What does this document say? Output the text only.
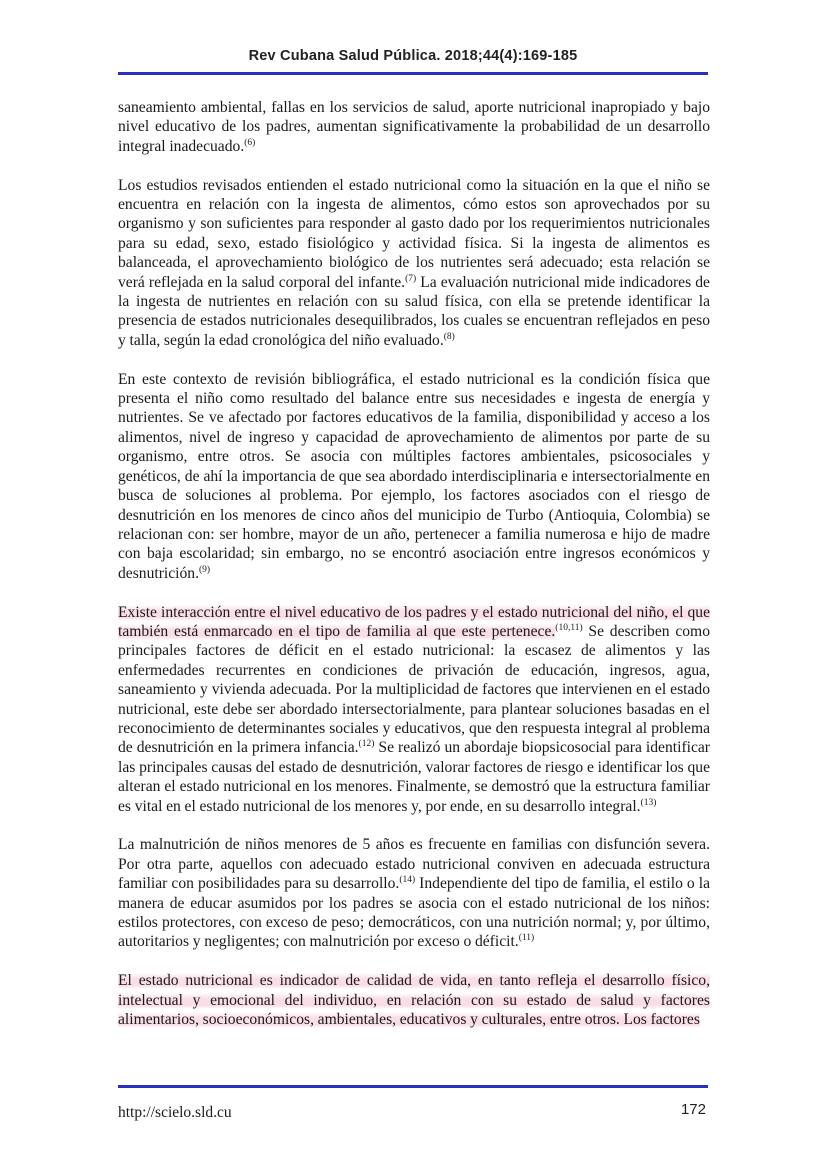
Rev Cubana Salud Pública. 2018;44(4):169-185

saneamiento ambiental, fallas en los servicios de salud, aporte nutricional inapropiado y bajo nivel educativo de los padres, aumentan significativamente la probabilidad de un desarrollo integral inadecuado.$^{(6)}$

Los estudios revisados entienden el estado nutricional como la situación en la que el niño se encuentra en relación con la ingesta de alimentos, cómo estos son aprovechados por su organismo y son suficientes para responder al gasto dado por los requerimientos nutricionales para su edad, sexo, estado fisiológico y actividad física. Si la ingesta de alimentos es balanceada, el aprovechamiento biológico de los nutrientes será adecuado; esta relación se verá reflejada en la salud corporal del infante.$^{(7)}$ La evaluación nutricional mide indicadores de la ingesta de nutrientes en relación con su salud física, con ella se pretende identificar la presencia de estados nutricionales desequilibrados, los cuales se encuentran reflejados en peso y talla, según la edad cronológica del niño evaluado.$^{(8)}$

En este contexto de revisión bibliográfica, el estado nutricional es la condición física que presenta el niño como resultado del balance entre sus necesidades e ingesta de energía y nutrientes. Se ve afectado por factores educativos de la familia, disponibilidad y acceso a los alimentos, nivel de ingreso y capacidad de aprovechamiento de alimentos por parte de su organismo, entre otros. Se asocia con múltiples factores ambientales, psicosociales y genéticos, de ahí la importancia de que sea abordado interdisciplinaria e intersectorialmente en busca de soluciones al problema. Por ejemplo, los factores asociados con el riesgo de desnutrición en los menores de cinco años del municipio de Turbo (Antioquia, Colombia) se relacionan con: ser hombre, mayor de un año, pertenecer a familia numerosa e hijo de madre con baja escolaridad; sin embargo, no se encontró asociación entre ingresos económicos y desnutrición.$^{(9)}$

Existe interacción entre el nivel educativo de los padres y el estado nutricional del niño, el que también está enmarcado en el tipo de familia al que este pertenece.$^{(10,11)}$ Se describen como principales factores de déficit en el estado nutricional: la escasez de alimentos y las enfermedades recurrentes en condiciones de privación de educación, ingresos, agua, saneamiento y vivienda adecuada. Por la multiplicidad de factores que intervienen en el estado nutricional, este debe ser abordado intersectorialmente, para plantear soluciones basadas en el reconocimiento de determinantes sociales y educativos, que den respuesta integral al problema de desnutrición en la primera infancia.$^{(12)}$ Se realizó un abordaje biopsicosocial para identificar las principales causas del estado de desnutrición, valorar factores de riesgo e identificar los que alteran el estado nutricional en los menores. Finalmente, se demostró que la estructura familiar es vital en el estado nutricional de los menores y, por ende, en su desarrollo integral.$^{(13)}$

La malnutrición de niños menores de 5 años es frecuente en familias con disfunción severa. Por otra parte, aquellos con adecuado estado nutricional conviven en adecuada estructura familiar con posibilidades para su desarrollo.$^{(14)}$ Independiente del tipo de familia, el estilo o la manera de educar asumidos por los padres se asocia con el estado nutricional de los niños: estilos protectores, con exceso de peso; democráticos, con una nutrición normal; y, por último, autoritarios y negligentes; con malnutrición por exceso o déficit.$^{(11)}$

El estado nutricional es indicador de calidad de vida, en tanto refleja el desarrollo físico, intelectual y emocional del individuo, en relación con su estado de salud y factores alimentarios, socioeconómicos, ambientales, educativos y culturales, entre otros. Los factores

http://scielo.sld.cu	172
